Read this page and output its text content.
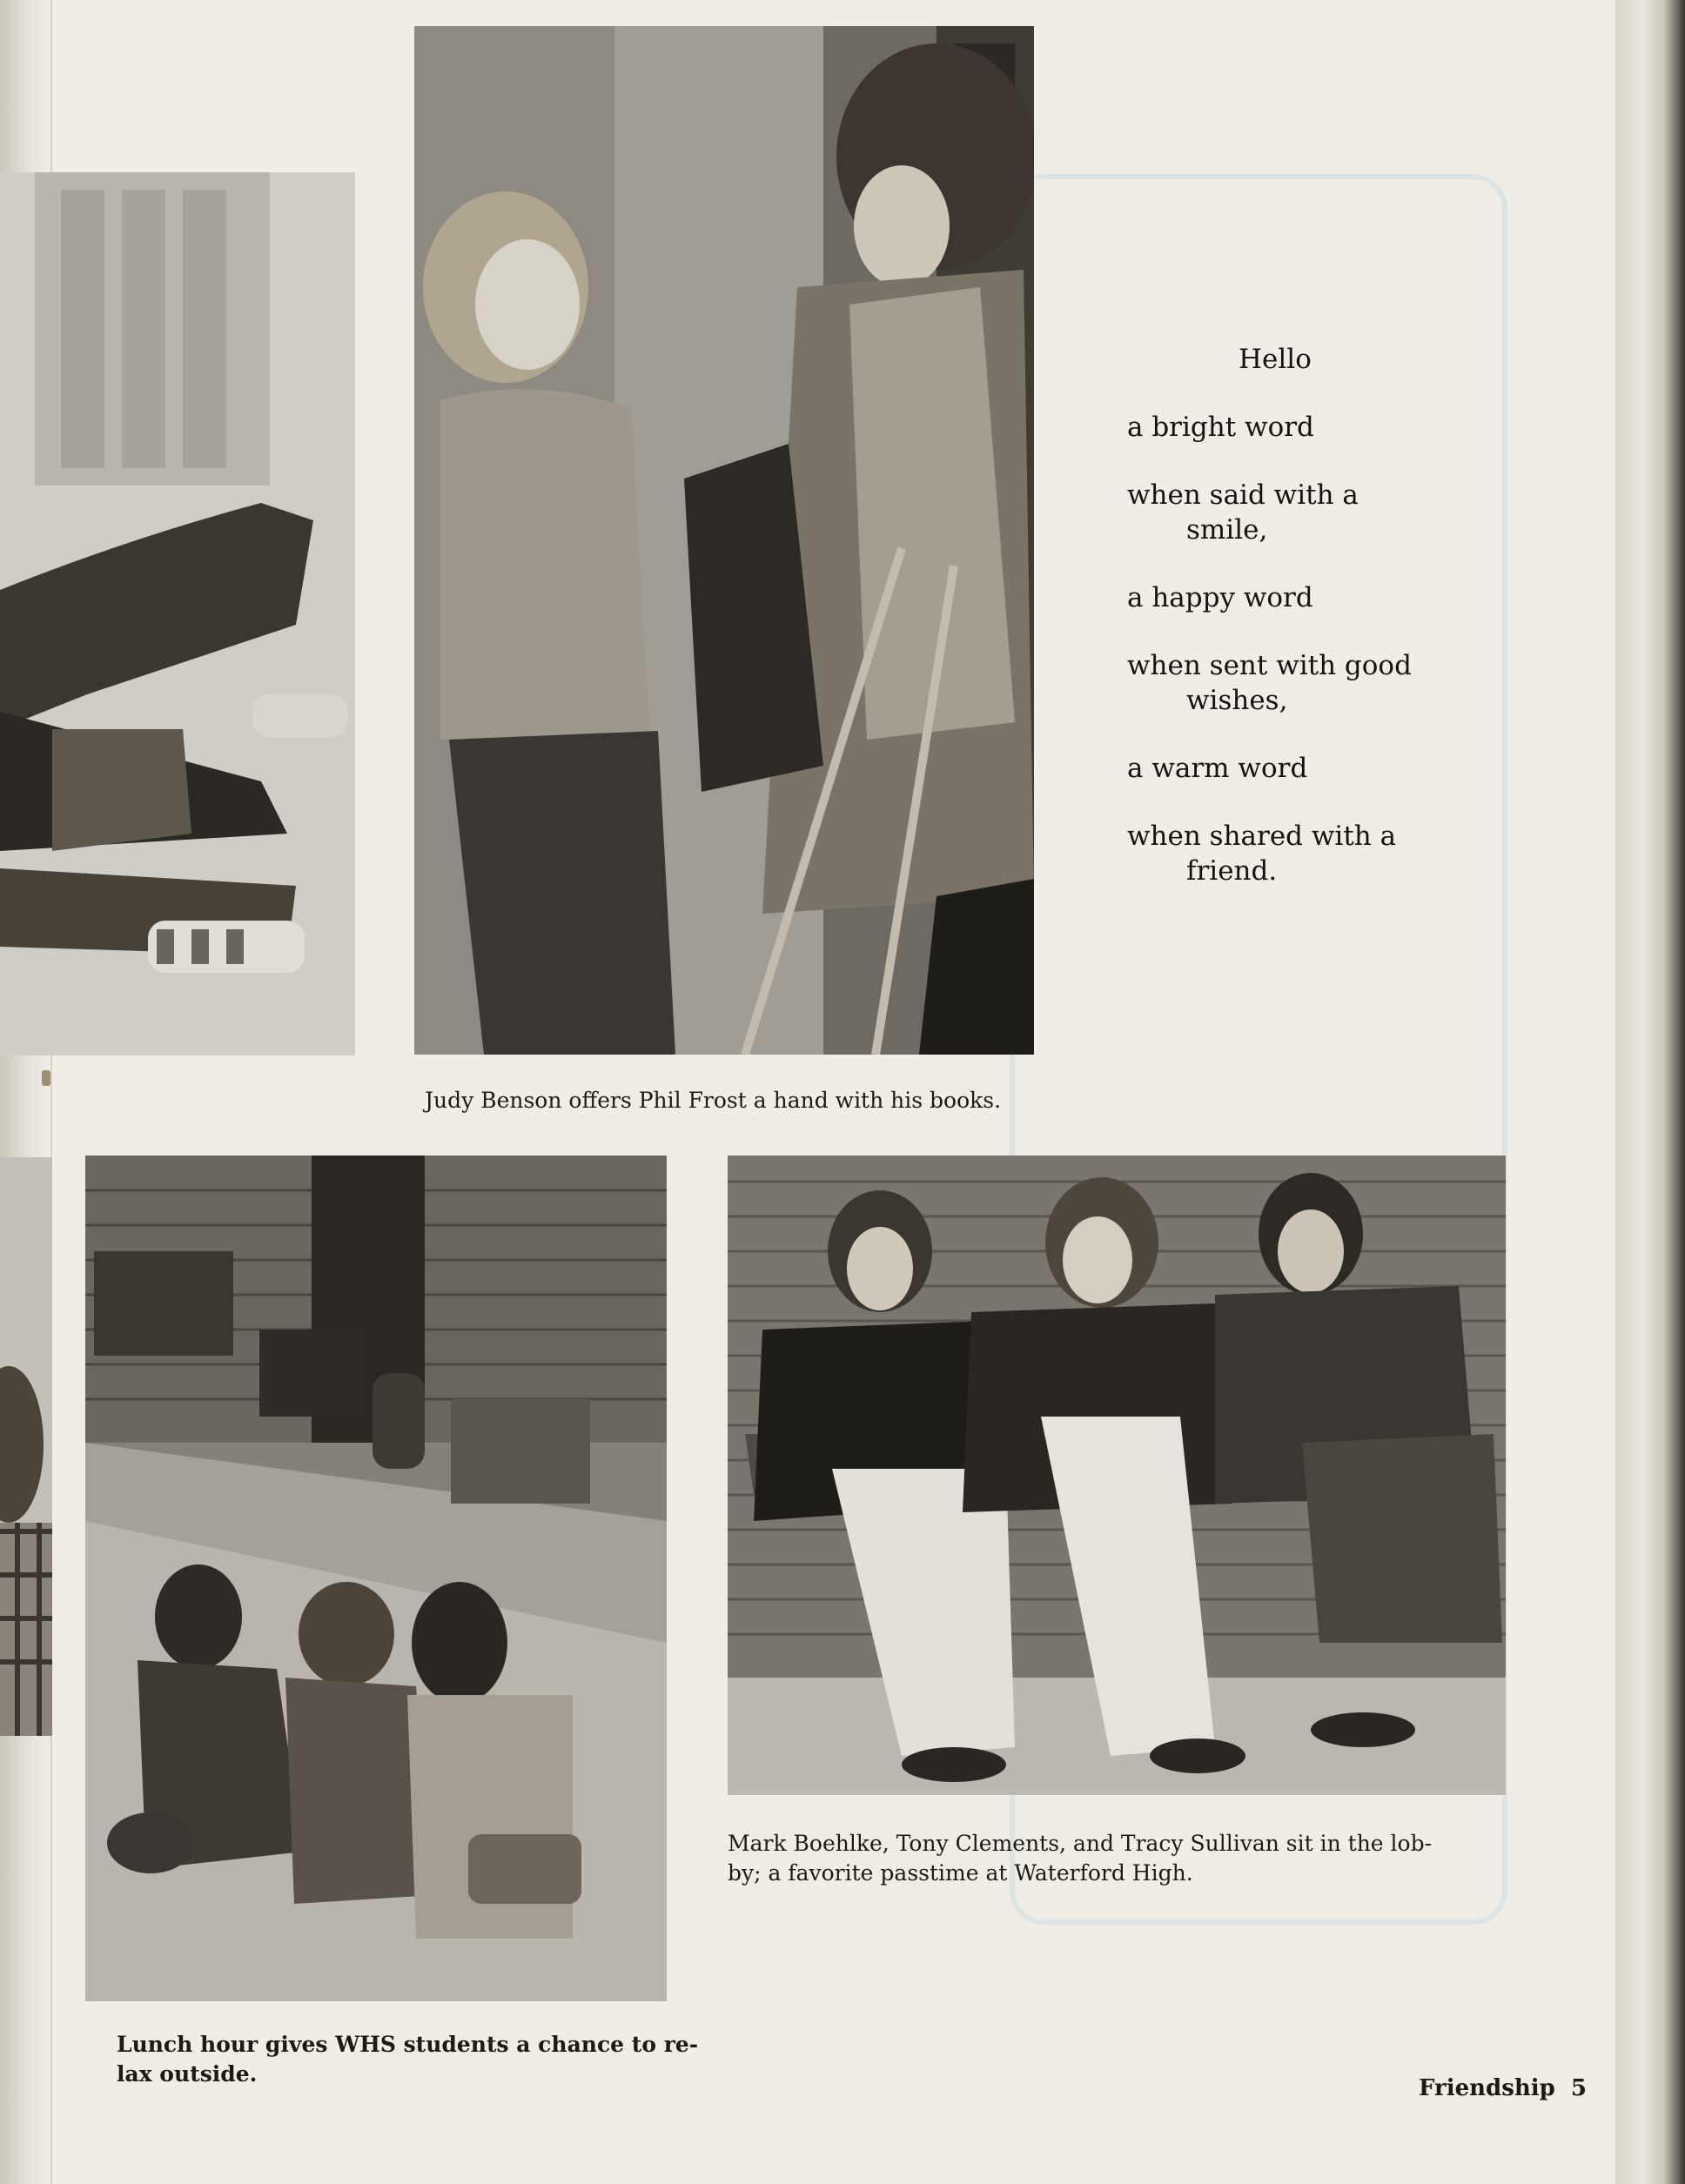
Hello
a bright word
when said with a
smile,
a happy word
when sent with good
wishes,
a warm word
when shared with a
friend.
Judy Benson offers Phil Frost a hand with his books.
Mark Boehlke, Tony Clements, and Tracy Sullivan sit in the lob-
by; a favorite passtime at Waterford High.
Lunch hour gives WHS students a chance to re-
lax outside.
Friendship 5
